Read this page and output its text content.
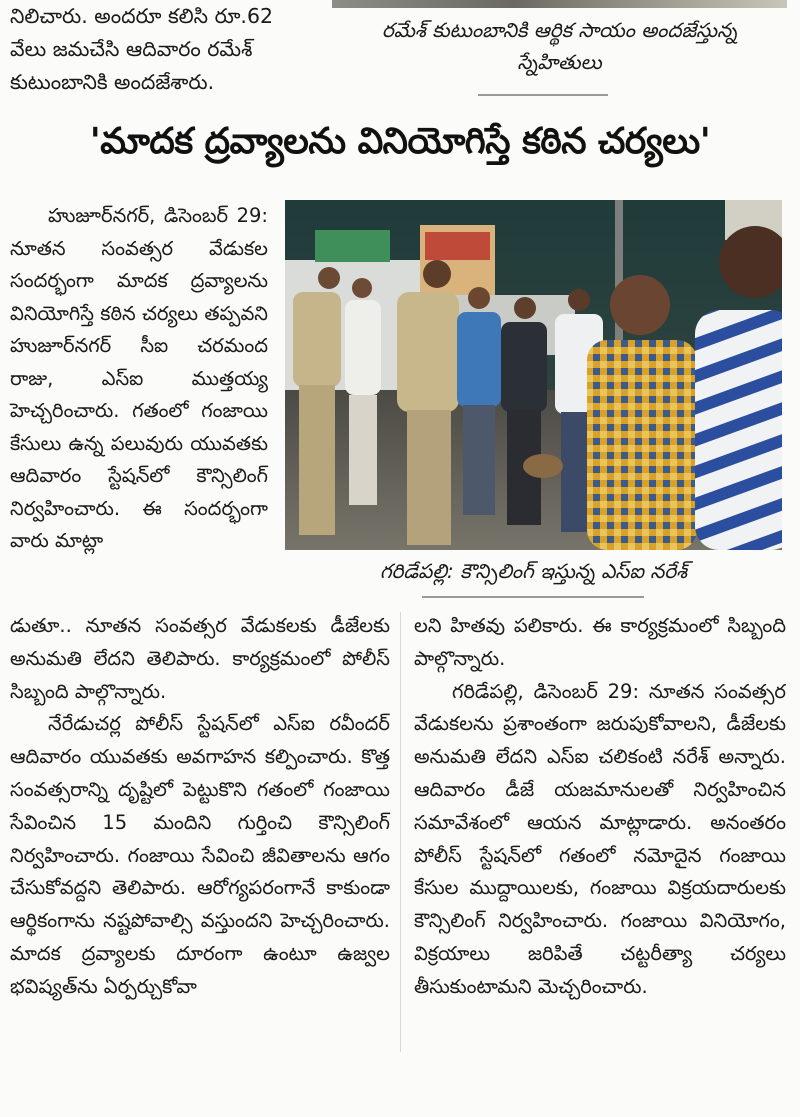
నిలిచారు. అందరూ కలిసి రూ.62

వేలు జమచేసి ఆదివారం రమేశ్

కుటుంబానికి అందజేశారు.

రమేశ్ కుటుంబానికి ఆర్థిక సాయం అందజేస్తున్న
స్నేహితులు
'మాదక ద్రవ్యాలను వినియోగిస్తే కఠిన చర్యలు'

హుజూర్‌నగర్, డిసెంబర్ 29: నూతన సంవత్సర వేడుకల సందర్భంగా మాదక ద్రవ్యాలను వినియోగిస్తే కఠిన చర్యలు తప్పవని హుజూర్‌నగర్ సీఐ చరమంద రాజు, ఎస్ఐ ముత్తయ్య హెచ్చరించారు. గతంలో గంజాయి కేసులు ఉన్న పలువురు యువతకు ఆదివారం స్టేషన్‌లో కౌన్సిలింగ్ నిర్వహించారు. ఈ సందర్భంగా వారు మాట్లా

గరిడేపల్లి: కౌన్సిలింగ్ ఇస్తున్న ఎస్ఐ నరేశ్

డుతూ.. నూతన సంవత్సర వేడుకలకు డీజేలకు అనుమతి లేదని తెలిపారు. కార్యక్రమంలో పోలీస్ సిబ్బంది పాల్గొన్నారు.

నేరేడుచర్ల పోలీస్ స్టేషన్‌లో ఎస్ఐ రవీందర్ ఆదివారం యువతకు అవగాహన కల్పించారు. కొత్త సంవత్సరాన్ని దృష్టిలో పెట్టుకొని గతంలో గంజాయి సేవించిన 15 మందిని గుర్తించి కౌన్సిలింగ్ నిర్వహించారు. గంజాయి సేవించి జీవితాలను ఆగం చేసుకోవద్దని తెలిపారు. ఆరోగ్యపరంగానే కాకుండా ఆర్థికంగాను నష్టపోవాల్సి వస్తుందని హెచ్చరించారు. మాదక ద్రవ్యాలకు దూరంగా ఉంటూ ఉజ్వల భవిష్యత్‌ను ఏర్పర్చుకోవా

లని హితవు పలికారు. ఈ కార్యక్రమంలో సిబ్బంది పాల్గొన్నారు.

గరిడేపల్లి, డిసెంబర్ 29: నూతన సంవత్సర వేడుకలను ప్రశాంతంగా జరుపుకోవాలని, డీజేలకు అనుమతి లేదని ఎస్ఐ చలికంటి నరేశ్ అన్నారు. ఆదివారం డీజే యజమానులతో నిర్వహించిన సమావేశంలో ఆయన మాట్లాడారు. అనంతరం పోలీస్ స్టేషన్‌లో గతంలో నమోదైన గంజాయి కేసుల ముద్దాయిలకు, గంజాయి విక్రయదారులకు కౌన్సిలింగ్ నిర్వహించారు. గంజాయి వినియోగం, విక్రయాలు జరిపితే చట్టరీత్యా చర్యలు తీసుకుంటామని మెచ్చరించారు.
